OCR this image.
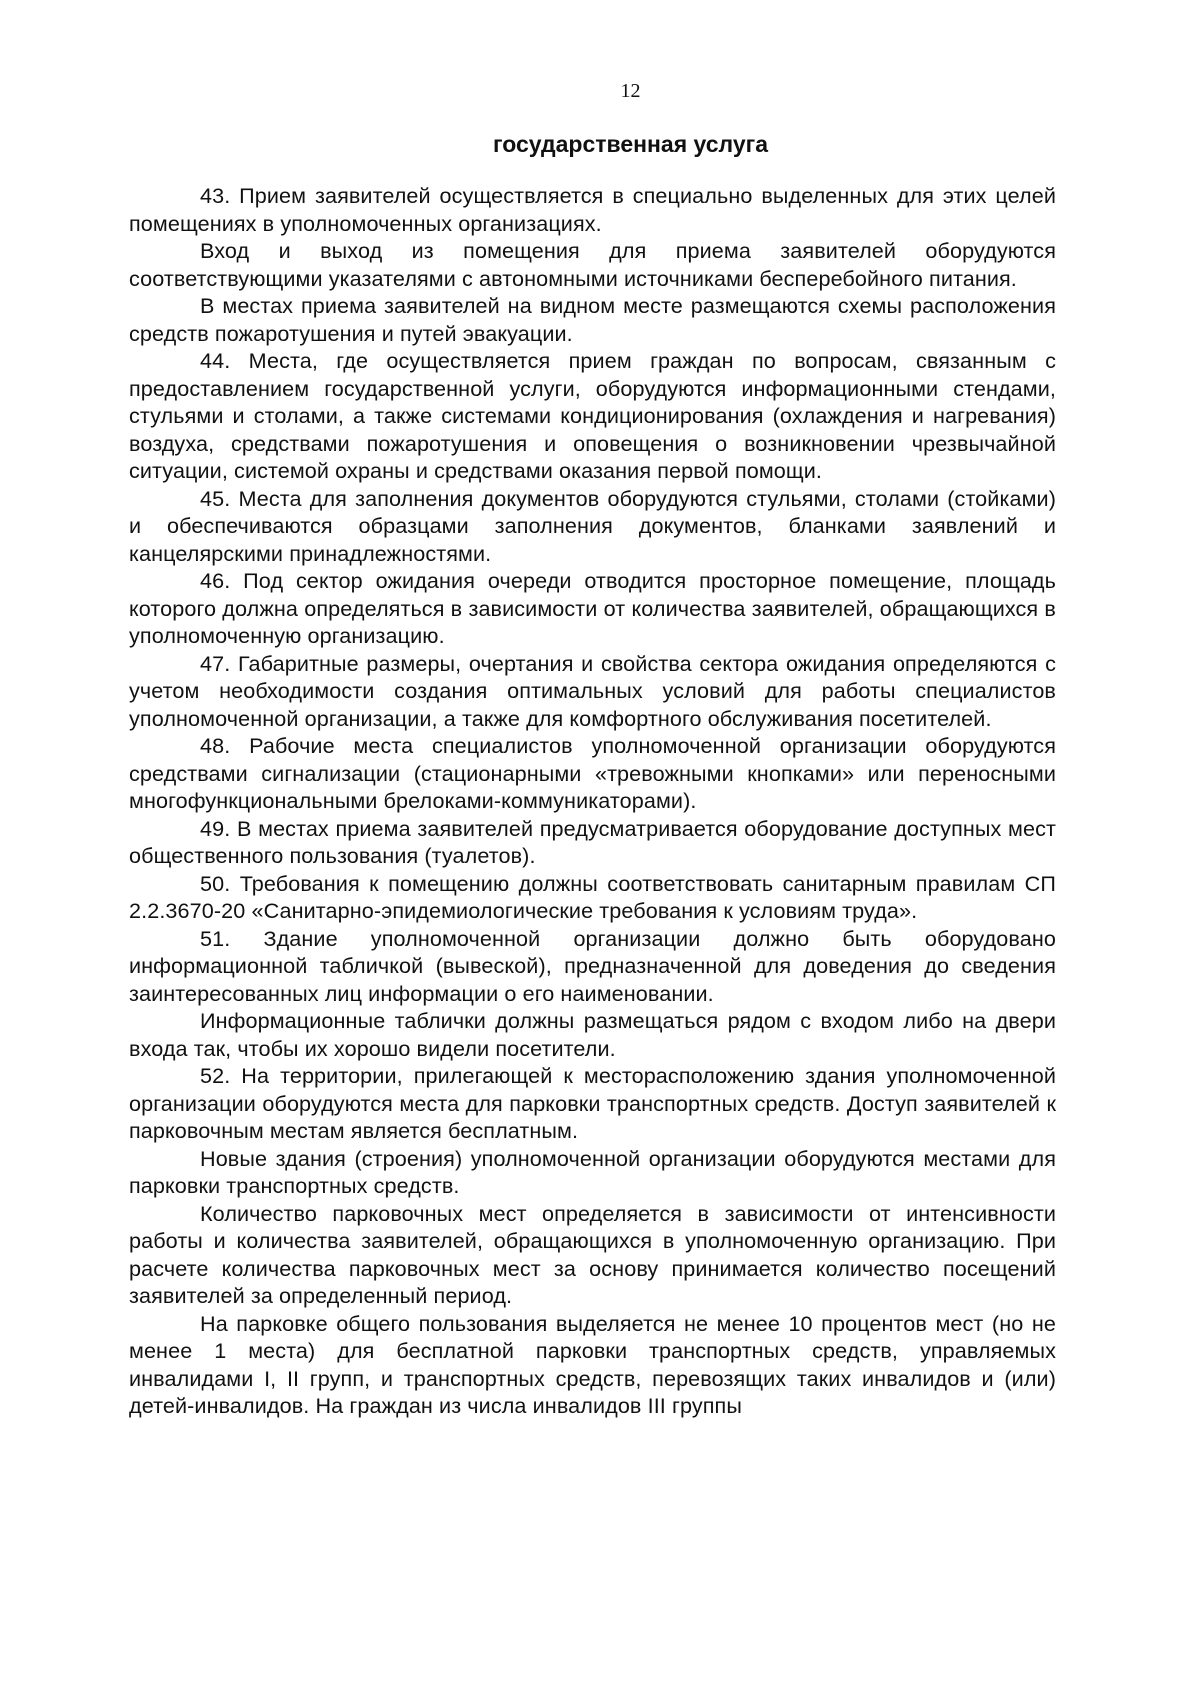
12
государственная услуга

43. Прием заявителей осуществляется в специально выделенных для этих целей помещениях в уполномоченных организациях.

Вход и выход из помещения для приема заявителей оборудуются соответствующими указателями с автономными источниками бесперебойного питания.

В местах приема заявителей на видном месте размещаются схемы расположения средств пожаротушения и путей эвакуации.

44. Места, где осуществляется прием граждан по вопросам, связанным с предоставлением государственной услуги, оборудуются информационными стендами, стульями и столами, а также системами кондиционирования (охлаждения и нагревания) воздуха, средствами пожаротушения и оповещения о возникновении чрезвычайной ситуации, системой охраны и средствами оказания первой помощи.

45. Места для заполнения документов оборудуются стульями, столами (стойками) и обеспечиваются образцами заполнения документов, бланками заявлений и канцелярскими принадлежностями.

46. Под сектор ожидания очереди отводится просторное помещение, площадь которого должна определяться в зависимости от количества заявителей, обращающихся в уполномоченную организацию.

47. Габаритные размеры, очертания и свойства сектора ожидания определяются с учетом необходимости создания оптимальных условий для работы специалистов уполномоченной организации, а также для комфортного обслуживания посетителей.

48. Рабочие места специалистов уполномоченной организации оборудуются средствами сигнализации (стационарными «тревожными кнопками» или переносными многофункциональными брелоками-коммуникаторами).

49. В местах приема заявителей предусматривается оборудование доступных мест общественного пользования (туалетов).

50. Требования к помещению должны соответствовать санитарным правилам СП 2.2.3670-20 «Санитарно-эпидемиологические требования к условиям труда».

51. Здание уполномоченной организации должно быть оборудовано информационной табличкой (вывеской), предназначенной для доведения до сведения заинтересованных лиц информации о его наименовании.

Информационные таблички должны размещаться рядом с входом либо на двери входа так, чтобы их хорошо видели посетители.

52. На территории, прилегающей к месторасположению здания уполномоченной организации оборудуются места для парковки транспортных средств. Доступ заявителей к парковочным местам является бесплатным.

Новые здания (строения) уполномоченной организации оборудуются местами для парковки транспортных средств.

Количество парковочных мест определяется в зависимости от интенсивности работы и количества заявителей, обращающихся в уполномоченную организацию. При расчете количества парковочных мест за основу принимается количество посещений заявителей за определенный период.

На парковке общего пользования выделяется не менее 10 процентов мест (но не менее 1 места) для бесплатной парковки транспортных средств, управляемых инвалидами I, II групп, и транспортных средств, перевозящих таких инвалидов и (или) детей-инвалидов. На граждан из числа инвалидов III группы
